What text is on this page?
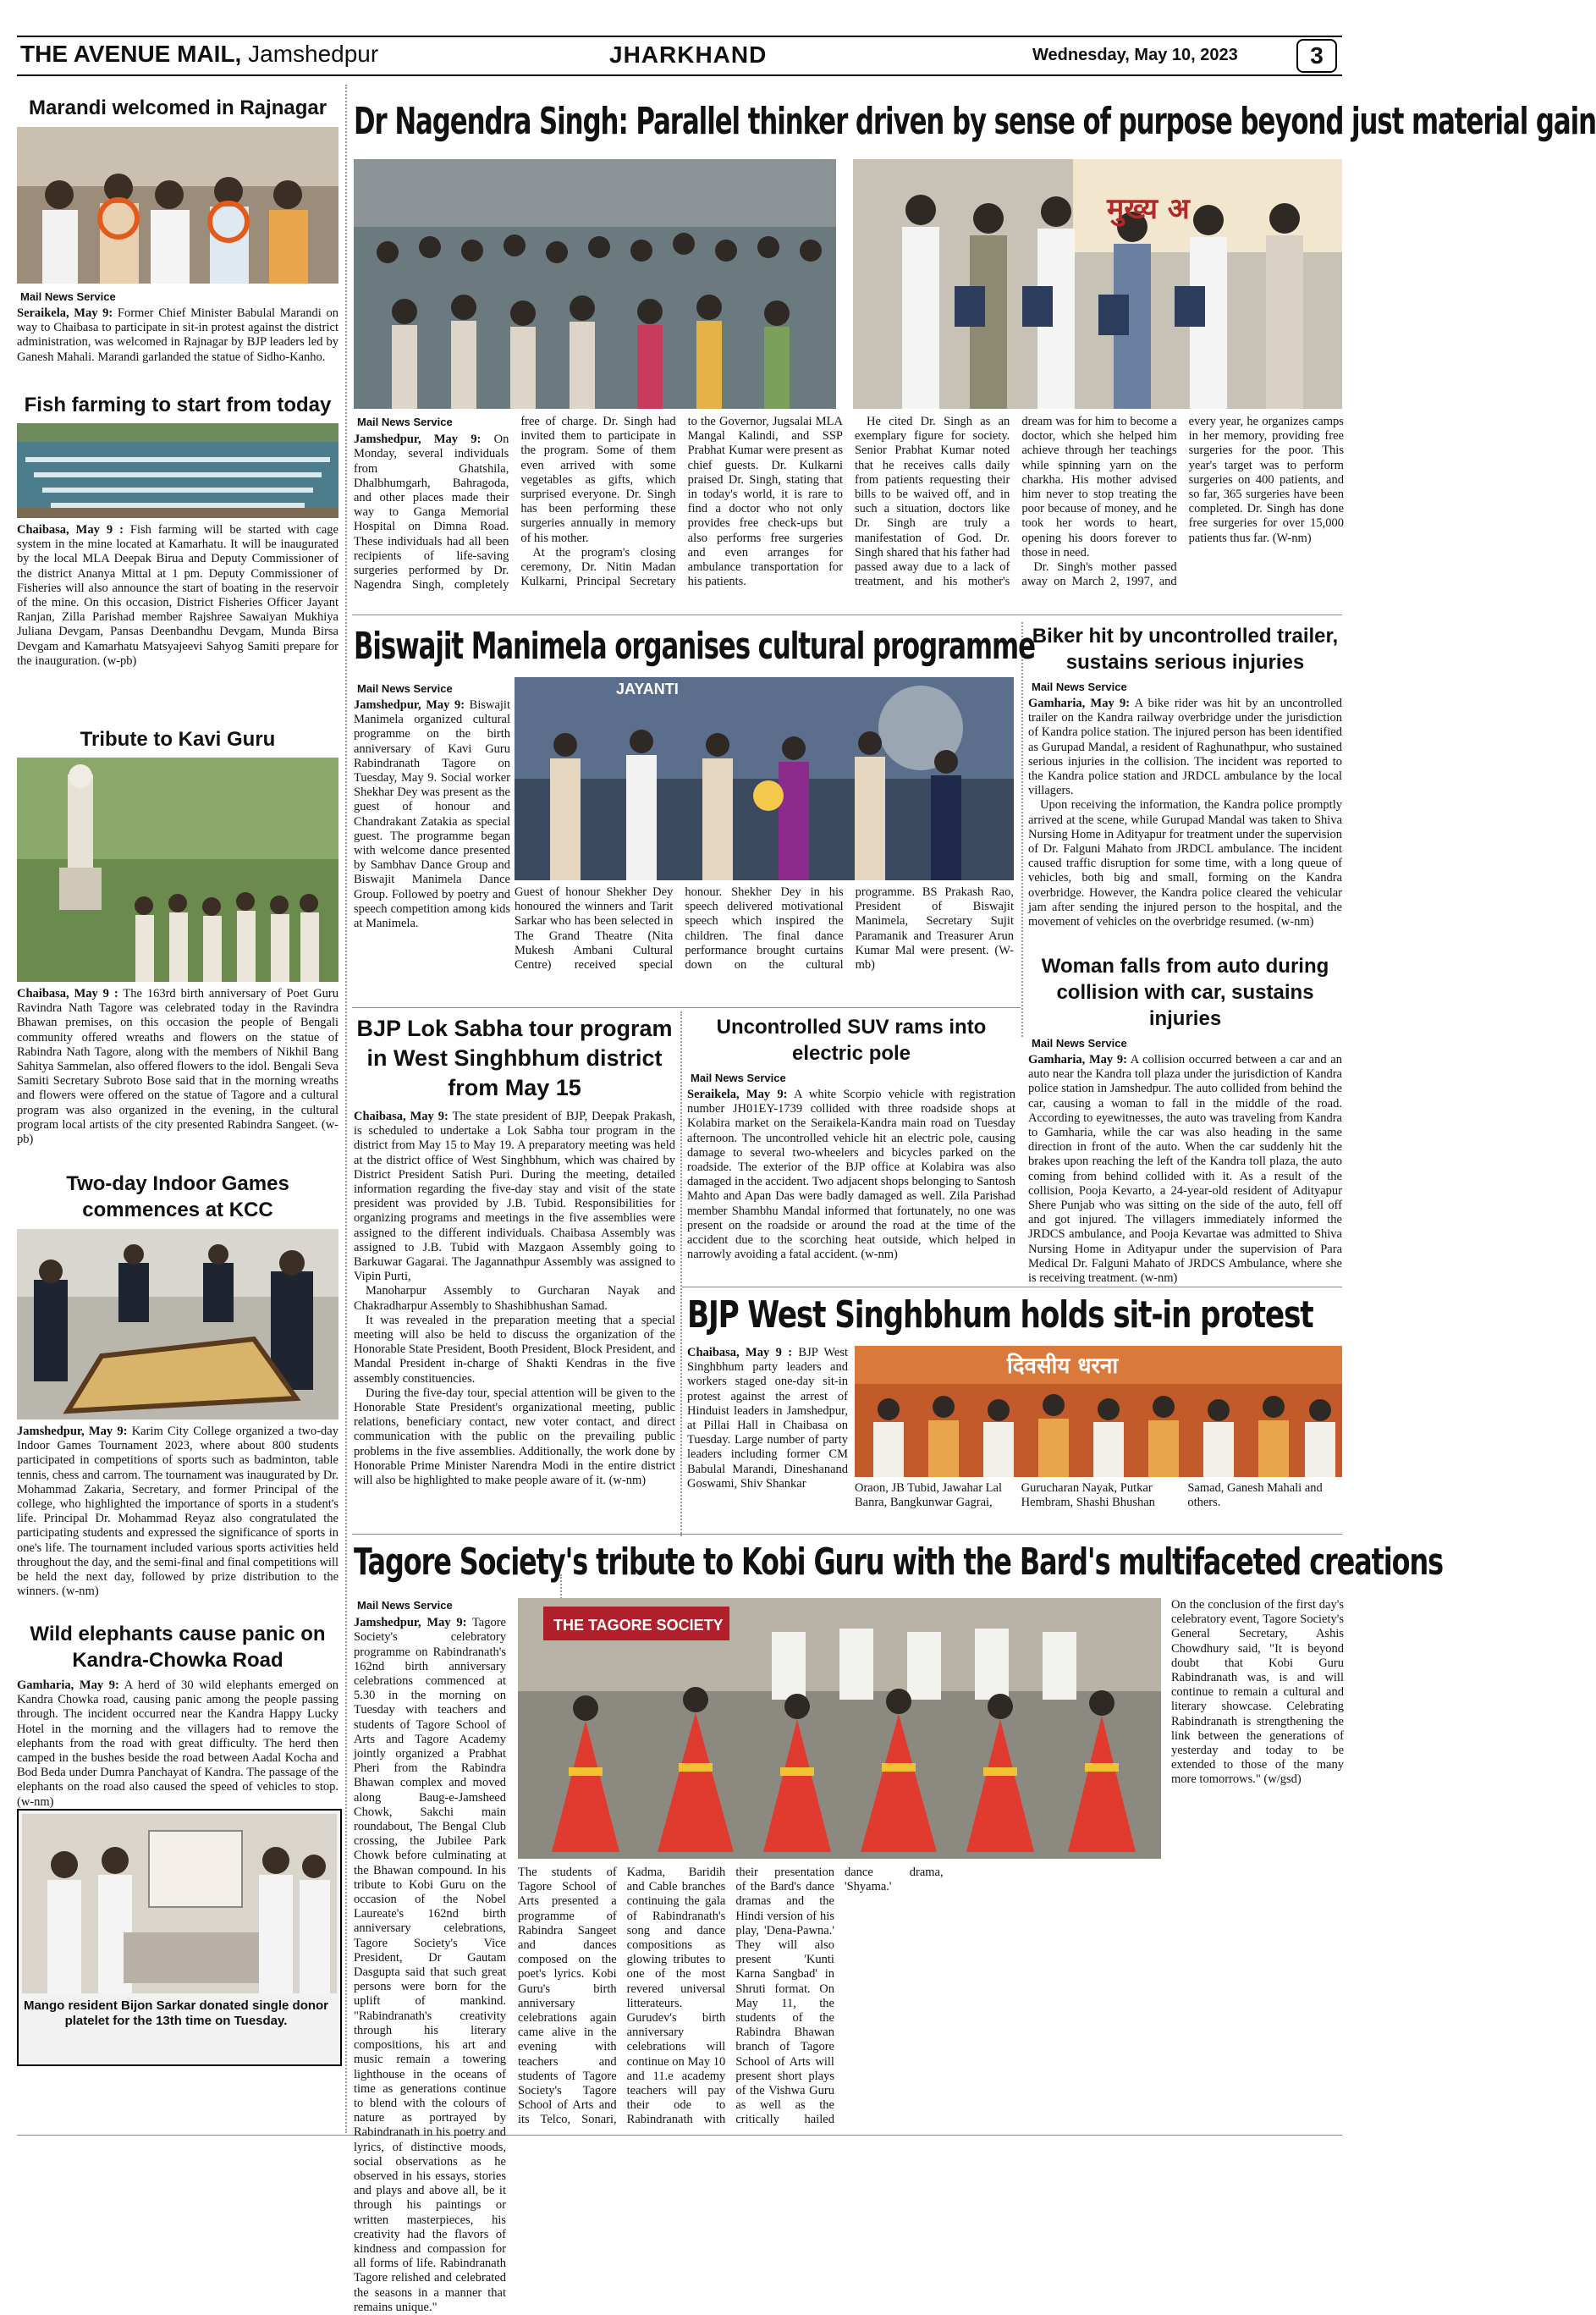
THE AVENUE MAIL, Jamshedpur	JHARKHAND	Wednesday, May 10, 2023	3
Marandi welcomed in Rajnagar
Mail News Service

Seraikela, May 9: Former Chief Minister Babulal Marandi on way to Chaibasa to participate in sit-in protest against the district administration, was welcomed in Rajnagar by BJP leaders led by Ganesh Mahali. Marandi garlanded the statue of Sidho-Kanho.

Fish farming to start from today

Chaibasa, May 9 : Fish farming will be started with cage system in the mine located at Kamarhatu. It will be inaugurated by the local MLA Deepak Birua and Deputy Commissioner of the district Ananya Mittal at 1 pm. Deputy Commissioner of Fisheries will also announce the start of boating in the reservoir of the mine. On this occasion, District Fisheries Officer Jayant Ranjan, Zilla Parishad member Rajshree Sawaiyan Mukhiya Juliana Devgam, Pansas Deenbandhu Devgam, Munda Birsa Devgam and Kamarhatu Matsyajeevi Sahyog Samiti prepare for the inauguration. (w-pb)

Tribute to Kavi Guru

Chaibasa, May 9 : The 163rd birth anniversary of Poet Guru Ravindra Nath Tagore was celebrated today in the Ravindra Bhawan premises, on this occasion the people of Bengali community offered wreaths and flowers on the statue of Rabindra Nath Tagore, along with the members of Nikhil Bang Sahitya Sammelan, also offered flowers to the idol. Bengali Seva Samiti Secretary Subroto Bose said that in the morning wreaths and flowers were offered on the statue of Tagore and a cultural program was also organized in the evening, in the cultural program local artists of the city presented Rabindra Sangeet. (w-pb)

Two-day Indoor Games commences at KCC

Jamshedpur, May 9: Karim City College organized a two-day Indoor Games Tournament 2023, where about 800 students participated in competitions of sports such as badminton, table tennis, chess and carrom. The tournament was inaugurated by Dr. Mohammad Zakaria, Secretary, and former Principal of the college, who highlighted the importance of sports in a student's life. Principal Dr. Mohammad Reyaz also congratulated the participating students and expressed the significance of sports in one's life. The tournament included various sports activities held throughout the day, and the semi-final and final competitions will be held the next day, followed by prize distribution to the winners. (w-nm)

Wild elephants cause panic on Kandra-Chowka Road

Gamharia, May 9: A herd of 30 wild elephants emerged on Kandra Chowka road, causing panic among the people passing through. The incident occurred near the Kandra Happy Lucky Hotel in the morning and the villagers had to remove the elephants from the road with great difficulty. The herd then camped in the bushes beside the road between Aadal Kocha and Bod Beda under Dumra Panchayat of Kandra. The passage of the elephants on the road also caused the speed of vehicles to stop. (w-nm)

Mango resident Bijon Sarkar donated single donor platelet for the 13th time on Tuesday.
Dr Nagendra Singh: Parallel thinker driven by sense of purpose beyond just material gain
मुख्य अ
Mail News Service

Jamshedpur, May 9: On Monday, several individuals from Ghatshila, Dhalbhumgarh, Bahragoda, and other places made their way to Ganga Memorial Hospital on Dimna Road. These individuals had all been recipients of life-saving surgeries performed by Dr. Nagendra Singh, completely free of charge. Dr. Singh had invited them to participate in the program. Some of them even arrived with some vegetables as gifts, which surprised everyone. Dr. Singh has been performing these surgeries annually in memory of his mother.

At the program's closing ceremony, Dr. Nitin Madan Kulkarni, Principal Secretary to the Governor, Jugsalai MLA Mangal Kalindi, and SSP Prabhat Kumar were present as chief guests. Dr. Kulkarni praised Dr. Singh, stating that in today's world, it is rare to find a doctor who not only provides free check-ups but also performs free surgeries and even arranges for ambulance transportation for his patients.

He cited Dr. Singh as an exemplary figure for society. Senior Prabhat Kumar noted that he receives calls daily from patients requesting their bills to be waived off, and in such a situation, doctors like Dr. Singh are truly a manifestation of God. Dr. Singh shared that his father had passed away due to a lack of treatment, and his mother's dream was for him to become a doctor, which she helped him achieve through her teachings while spinning yarn on the charkha. His mother advised him never to stop treating the poor because of money, and he took her words to heart, opening his doors forever to those in need.

Dr. Singh's mother passed away on March 2, 1997, and every year, he organizes camps in her memory, providing free surgeries for the poor. This year's target was to perform surgeries on 400 patients, and so far, 365 surgeries have been completed. Dr. Singh has done free surgeries for over 15,000 patients thus far. (W-nm)

Biswajit Manimela organises cultural programme
Mail News Service

Jamshedpur, May 9: Biswajit Manimela organized cultural programme on the birth anniversary of Kavi Guru Rabindranath Tagore on Tuesday, May 9. Social worker Shekhar Dey was present as the guest of honour and Chandrakant Zatakia as special guest. The programme began with welcome dance presented by Sambhav Dance Group and Biswajit Manimela Dance Group. Followed by poetry and speech competition among kids at Manimela.

JAYANTI

Guest of honour Shekher Dey honoured the winners and Tarit Sarkar who has been selected in The Grand Theatre (Nita Mukesh Ambani Cultural Centre) received special honour. Shekher Dey in his speech delivered motivational speech which inspired the children. The final dance performance brought curtains down on the cultural programme. BS Prakash Rao, President of Biswajit Manimela, Secretary Sujit Paramanik and Treasurer Arun Kumar Mal were present. (W-mb)

Biker hit by uncontrolled trailer, sustains serious injuries
Mail News Service

Gamharia, May 9: A bike rider was hit by an uncontrolled trailer on the Kandra railway overbridge under the jurisdiction of Kandra police station. The injured person has been identified as Gurupad Mandal, a resident of Raghunathpur, who sustained serious injuries in the collision. The incident was reported to the Kandra police station and JRDCL ambulance by the local villagers.

Upon receiving the information, the Kandra police promptly arrived at the scene, while Gurupad Mandal was taken to Shiva Nursing Home in Adityapur for treatment under the supervision of Dr. Falguni Mahato from JRDCL ambulance. The incident caused traffic disruption for some time, with a long queue of vehicles, both big and small, forming on the Kandra overbridge. However, the Kandra police cleared the vehicular jam after sending the injured person to the hospital, and the movement of vehicles on the overbridge resumed. (w-nm)

Woman falls from auto during collision with car, sustains injuries
Mail News Service

Gamharia, May 9: A collision occurred between a car and an auto near the Kandra toll plaza under the jurisdiction of Kandra police station in Jamshedpur. The auto collided from behind the car, causing a woman to fall in the middle of the road. According to eyewitnesses, the auto was traveling from Kandra to Gamharia, while the car was also heading in the same direction in front of the auto. When the car suddenly hit the brakes upon reaching the left of the Kandra toll plaza, the auto coming from behind collided with it. As a result of the collision, Pooja Kevarto, a 24-year-old resident of Adityapur Shere Punjab who was sitting on the side of the auto, fell off and got injured. The villagers immediately informed the JRDCS ambulance, and Pooja Kevartae was admitted to Shiva Nursing Home in Adityapur under the supervision of Para Medical Dr. Falguni Mahato of JRDCS Ambulance, where she is receiving treatment. (w-nm)

BJP Lok Sabha tour program in West Singhbhum district from May 15

Chaibasa, May 9: The state president of BJP, Deepak Prakash, is scheduled to undertake a Lok Sabha tour program in the district from May 15 to May 19. A preparatory meeting was held at the district office of West Singhbhum, which was chaired by District President Satish Puri. During the meeting, detailed information regarding the five-day stay and visit of the state president was provided by J.B. Tubid. Responsibilities for organizing programs and meetings in the five assemblies were assigned to the different individuals. Chaibasa Assembly was assigned to J.B. Tubid with Mazgaon Assembly going to Barkuwar Gagarai. The Jagannathpur Assembly was assigned to Vipin Purti,

Manoharpur Assembly to Gurcharan Nayak and Chakradharpur Assembly to Shashibhushan Samad.

It was revealed in the preparation meeting that a special meeting will also be held to discuss the organization of the Honorable State President, Booth President, Block President, and Mandal President in-charge of Shakti Kendras in the five assembly constituencies.

During the five-day tour, special attention will be given to the Honorable State President's organizational meeting, public relations, beneficiary contact, new voter contact, and direct communication with the public on the prevailing public problems in the five assemblies. Additionally, the work done by Honorable Prime Minister Narendra Modi in the entire district will also be highlighted to make people aware of it. (w-nm)

Uncontrolled SUV rams into electric pole
Mail News Service

Seraikela, May 9: A white Scorpio vehicle with registration number JH01EY-1739 collided with three roadside shops at Kolabira market on the Seraikela-Kandra main road on Tuesday afternoon. The uncontrolled vehicle hit an electric pole, causing damage to several two-wheelers and bicycles parked on the roadside. The exterior of the BJP office at Kolabira was also damaged in the accident. Two adjacent shops belonging to Santosh Mahto and Apan Das were badly damaged as well. Zila Parishad member Shambhu Mandal informed that fortunately, no one was present on the roadside or around the road at the time of the accident due to the scorching heat outside, which helped in narrowly avoiding a fatal accident. (w-nm)

BJP West Singhbhum holds sit-in protest

Chaibasa, May 9 : BJP West Singhbhum party leaders and workers staged one-day sit-in protest against the arrest of Hinduist leaders in Jamshedpur, at Pillai Hall in Chaibasa on Tuesday. Large number of party leaders including former CM Babulal Marandi, Dineshanand Goswami, Shiv Shankar

दिवसीय धरना

Oraon, JB Tubid, Jawahar Lal Banra, Bangkunwar Gagrai, Gurucharan Nayak, Putkar Hembram, Shashi Bhushan Samad, Ganesh Mahali and others.

Tagore Society's tribute to Kobi Guru with the Bard's multifaceted creations
Mail News Service

Jamshedpur, May 9: Tagore Society's celebratory programme on Rabindranath's 162nd birth anniversary celebrations commenced at 5.30 in the morning on Tuesday with teachers and students of Tagore School of Arts and Tagore Academy jointly organized a Prabhat Pheri from the Rabindra Bhawan complex and moved along Baug-e-Jamsheed Chowk, Sakchi main roundabout, The Bengal Club crossing, the Jubilee Park Chowk before culminating at the Bhawan compound. In his tribute to Kobi Guru on the occasion of the Nobel Laureate's 162nd birth anniversary celebrations, Tagore Society's Vice President, Dr Gautam Dasgupta said that such great persons were born for the uplift of mankind. "Rabindranath's creativity through his literary compositions, his art and music remain a towering lighthouse in the oceans of time as generations continue to blend with the colours of nature as portrayed by Rabindranath in his poetry and lyrics, of distinctive moods, social observations as he observed in his essays, stories and plays and above all, be it through his paintings or written masterpieces, his creativity had the flavors of kindness and compassion for all forms of life. Rabindranath Tagore relished and celebrated the seasons in a manner that remains unique."

THE TAGORE SOCIETY

On the conclusion of the first day's celebratory event, Tagore Society's General Secretary, Ashis Chowdhury said, "It is beyond doubt that Kobi Guru Rabindranath was, is and will continue to remain a cultural and literary showcase. Celebrating Rabindranath is strengthening the link between the generations of yesterday and today to be extended to those of the many more tomorrows." (w/gsd)

The students of Tagore School of Arts presented a programme of Rabindra Sangeet and dances composed on the poet's lyrics. Kobi Guru's birth anniversary celebrations again came alive in the evening with teachers and students of Tagore Society's Tagore School of Arts and its Telco, Sonari, Kadma, Baridih and Cable branches continuing the gala of Rabindranath's song and dance compositions as glowing tributes to one of the most revered universal litterateurs. Gurudev's birth anniversary celebrations will continue on May 10 and 11.e academy teachers will pay their ode to Rabindranath with their presentation of the Bard's dance dramas and the Hindi version of his play, 'Dena-Pawna.' They will also present 'Kunti Karna Sangbad' in Shruti format. On May 11, the students of the Rabindra Bhawan branch of Tagore School of Arts will present short plays of the Vishwa Guru as well as the critically hailed dance drama, 'Shyama.'
